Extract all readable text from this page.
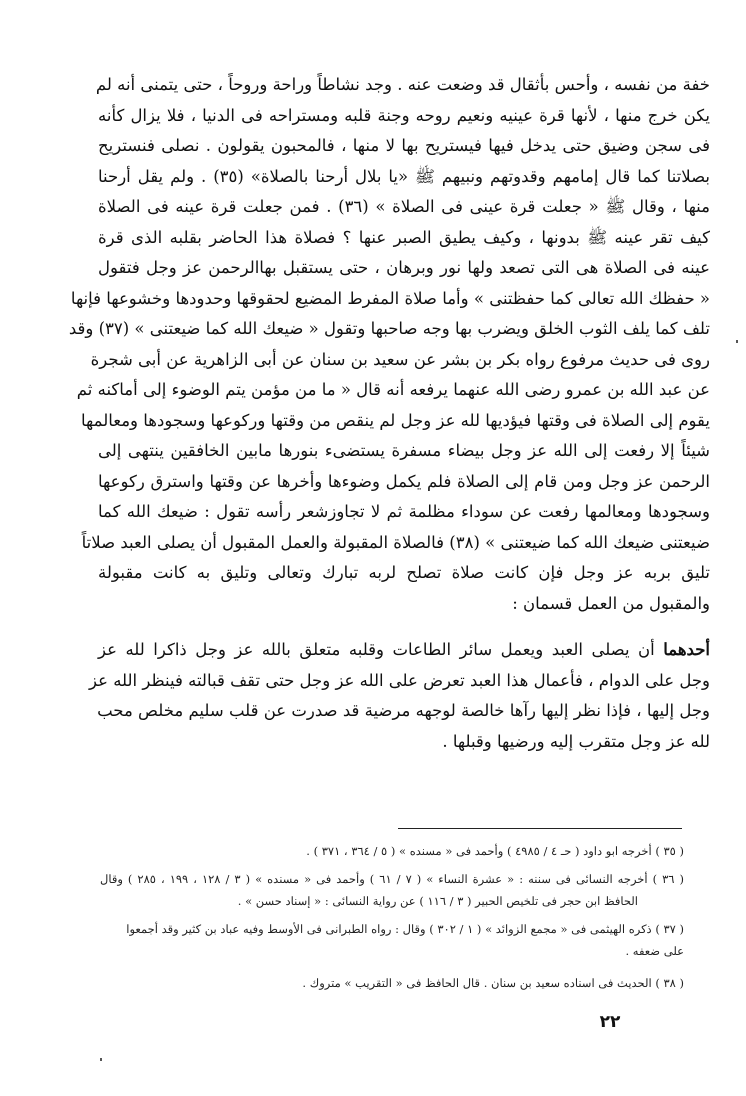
خفة من نفسه ، وأحس بأثقال قد وضعت عنه . وجد نشاطاً وراحة وروحاً ، حتى يتمنى أنه لم
يكن خرج منها ، لأنها قرة عينيه ونعيم روحه وجنة قلبه ومستراحه فى الدنيا ، فلا يزال كأنه
فى سجن وضيق حتى يدخل فيها فيستريح بها لا منها ، فالمحبون يقولون . نصلى فنستريح
بصلاتنا كما قال إمامهم وقدوتهم ونبيهم ﷺ «يا بلال أرحنا بالصلاة» (٣٥) . ولم يقل أرحنا
منها ، وقال ﷺ « جعلت قرة عينى فى الصلاة » (٣٦) . فمن جعلت قرة عينه فى الصلاة
كيف تقر عينه ﷺ بدونها ، وكيف يطيق الصبر عنها ؟ فصلاة هذا الحاضر بقلبه الذى قرة
عينه فى الصلاة هى التى تصعد ولها نور وبرهان ، حتى يستقبل بهاالرحمن عز وجل فتقول
« حفظك الله تعالى كما حفظتنى » وأما صلاة المفرط المضيع لحقوقها وحدودها وخشوعها فإنها
تلف كما يلف الثوب الخلق ويضرب بها وجه صاحبها وتقول « ضيعك الله كما ضيعتنى » (٣٧) وقد
روى فى حديث مرفوع رواه بكر بن بشر عن سعيد بن سنان عن أبى الزاهرية عن أبى شجرة
عن عبد الله بن عمرو رضى الله عنهما يرفعه أنه قال « ما من مؤمن يتم الوضوء إلى أماكنه ثم
يقوم إلى الصلاة فى وقتها فيؤديها لله عز وجل لم ينقص من وقتها وركوعها وسجودها ومعالمها
شيئاً إلا رفعت إلى الله عز وجل بيضاء مسفرة يستضىء بنورها مابين الخافقين ينتهى إلى
الرحمن عز وجل ومن قام إلى الصلاة فلم يكمل وضوءها وأخرها عن وقتها واسترق ركوعها
وسجودها ومعالمها رفعت عن سوداء مظلمة ثم لا تجاوزشعر رأسه تقول : ضيعك الله كما
ضيعتنى ضيعك الله كما ضيعتنى » (٣٨) فالصلاة المقبولة والعمل المقبول أن يصلى العبد صلاتاً
تليق بربه عز وجل فإن كانت صلاة تصلح لربه تبارك وتعالى وتليق به كانت مقبولة
والمقبول من العمل قسمان :
أحدهما أن يصلى العبد ويعمل سائر الطاعات وقلبه متعلق بالله عز وجل ذاكرا لله عز
وجل على الدوام ، فأعمال هذا العبد تعرض على الله عز وجل حتى تقف قبالته فينظر الله عز
وجل إليها ، فإذا نظر إليها رآها خالصة لوجهه مرضية قد صدرت عن قلب سليم مخلص محب
لله عز وجل متقرب إليه ورضيها وقبلها .
( ٣٥ ) أخرجه ابو داود ( حـ ٤ / ٤٩٨٥ ) وأحمد فى « مسنده » ( ٥ / ٣٦٤ ، ٣٧١ ) .
( ٣٦ ) أخرجه النسائى فى سننه : « عشرة النساء » ( ٧ / ٦١ ) وأحمد فى « مسنده » ( ٣ / ١٢٨ ، ١٩٩ ، ٢٨٥ ) وقال
الحافظ ابن حجر فى تلخيص الحبير ( ٣ / ١١٦ ) عن رواية النسائى : « إسناد حسن » .
( ٣٧ ) ذكره الهيثمى فى « مجمع الزوائد » ( ١ / ٣٠٢ ) وقال : رواه الطبرانى فى الأوسط وفيه عباد بن كثير وقد أجمعوا
على ضعفه .
( ٣٨ ) الحديث فى اسناده سعيد بن سنان . قال الحافظ فى « التقريب » متروك .
٢٢
